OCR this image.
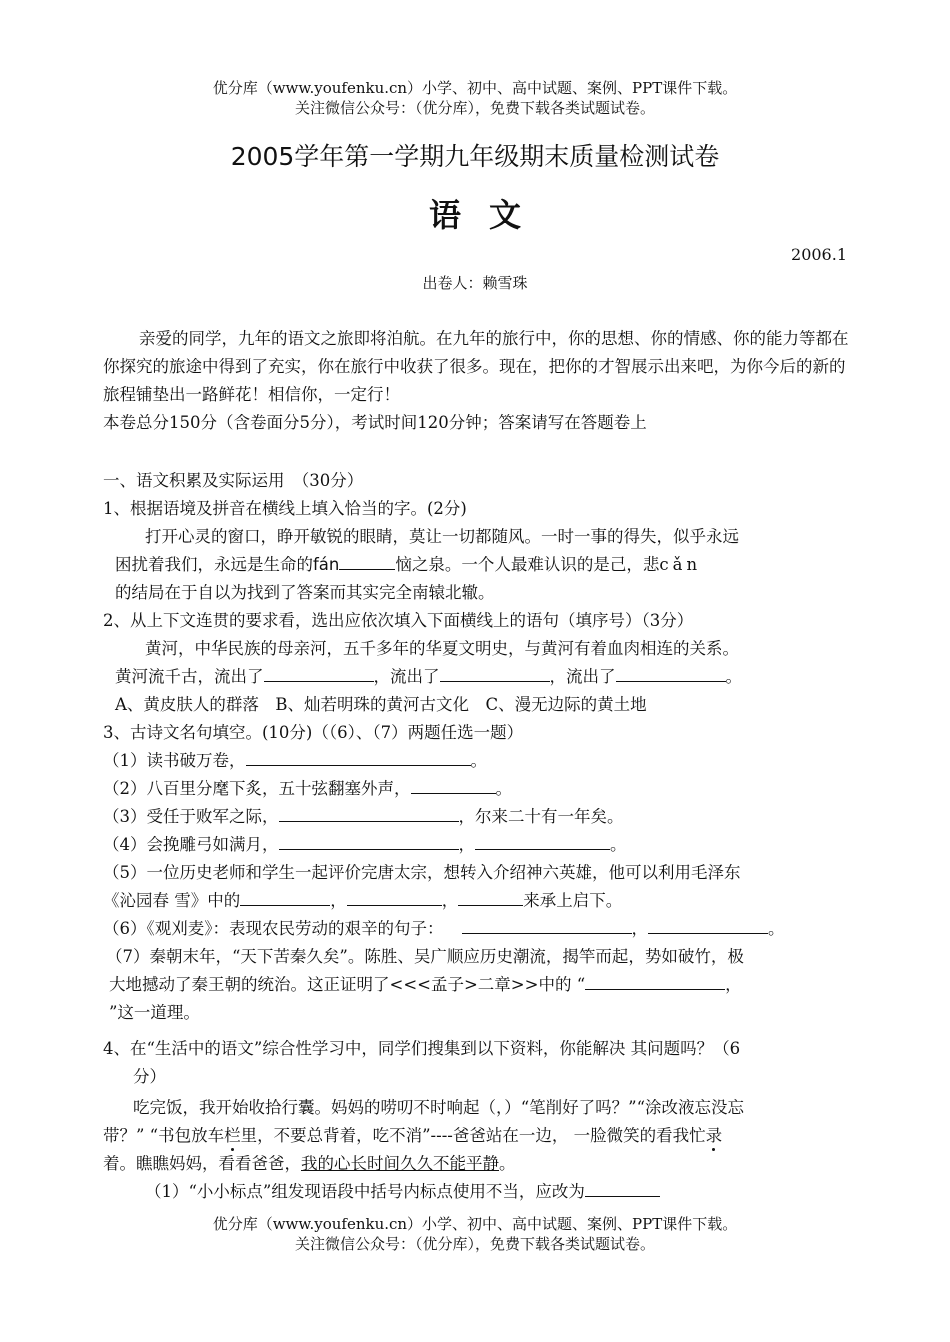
优分库（www.youfenku.cn）小学、初中、高中试题、案例、PPT课件下载。
关注微信公众号：（优分库），免费下载各类试题试卷。
2005学年第一学期九年级期末质量检测试卷
语文
2006.1
出卷人：赖雪珠

亲爱的同学，九年的语文之旅即将泊航。在九年的旅行中，你的思想、你的情感、你的能力等都在你探究的旅途中得到了充实，你在旅行中收获了很多。现在，把你的才智展示出来吧，为你今后的新的旅程铺垫出一路鲜花！相信你，一定行！

本卷总分150分（含卷面分5分），考试时间120分钟；答案请写在答题卷上

一、语文积累及实际运用　（30分）
1、根据语境及拼音在横线上填入恰当的字。(2分)
打开心灵的窗口，睁开敏锐的眼睛，莫让一切都随风。一时一事的得失，似乎永远
困扰着我们，永远是生命的fán	恼之泉。一个人最难认识的是己，悲cǎn
的结局在于自以为找到了答案而其实完全南辕北辙。
2、从上下文连贯的要求看，选出应依次填入下面横线上的语句（填序号）（3分）
黄河，中华民族的母亲河，五千多年的华夏文明史，与黄河有着血肉相连的关系。
黄河流千古，流出了	，流出了	，流出了	。
A、黄皮肤人的群落　B、灿若明珠的黄河古文化　C、漫无边际的黄土地
3、古诗文名句填空。(10分)（（6）、（7）两题任选一题）
（1）读书破万卷，	。
（2）八百里分麾下炙，五十弦翻塞外声，	。
（3）受任于败军之际，	，尔来二十有一年矣。
（4）会挽雕弓如满月，	，	。
（5）一位历史老师和学生一起评价完唐太宗，想转入介绍神六英雄，他可以利用毛泽东
《沁园春 雪》中的	，	，	来承上启下。
（6）《观刈麦》：表现农民劳动的艰辛的句子：	，	。
（7）秦朝末年，“天下苦秦久矣”。陈胜、吴广顺应历史潮流，揭竿而起，势如破竹，极
大地撼动了秦王朝的统治。这正证明了<<<孟子>二章>>中的 “	，
”这一道理。
4、在“生活中的语文”综合性学习中，同学们搜集到以下资料，你能解决 其问题吗？（6
分）
吃完饭，我开始收拾行囊。妈妈的唠叨不时响起（，）“笔削好了吗？”“涂改液忘没忘
带？” “书包放车栏里，不要总背着，吃不消”----爸爸站在一边， 一脸微笑的看我忙录
着。瞧瞧妈妈，看看爸爸，我的心长时间久久不能平静。
（1）“小小标点”组发现语段中括号内标点使用不当，应改为
优分库（www.youfenku.cn）小学、初中、高中试题、案例、PPT课件下载。
关注微信公众号：（优分库），免费下载各类试题试卷。
